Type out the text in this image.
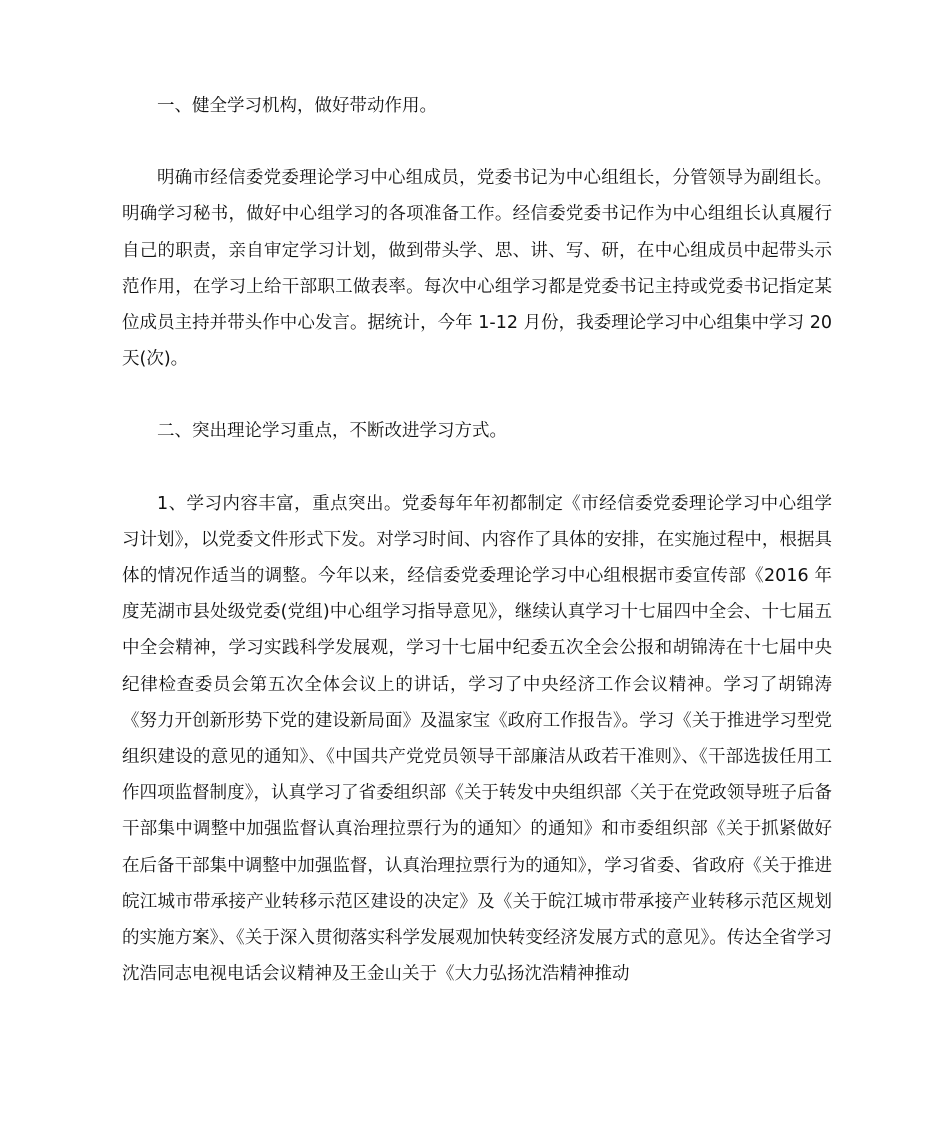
一、健全学习机构，做好带动作用。

明确市经信委党委理论学习中心组成员，党委书记为中心组组长，分管领导为副组长。明确学习秘书，做好中心组学习的各项准备工作。经信委党委书记作为中心组组长认真履行自己的职责，亲自审定学习计划，做到带头学、思、讲、写、研，在中心组成员中起带头示范作用，在学习上给干部职工做表率。每次中心组学习都是党委书记主持或党委书记指定某位成员主持并带头作中心发言。据统计，今年 1-12 月份，我委理论学习中心组集中学习 20 天(次)。

二、突出理论学习重点，不断改进学习方式。

1、学习内容丰富，重点突出。党委每年年初都制定《市经信委党委理论学习中心组学习计划》，以党委文件形式下发。对学习时间、内容作了具体的安排，在实施过程中，根据具体的情况作适当的调整。今年以来，经信委党委理论学习中心组根据市委宣传部《2016 年度芜湖市县处级党委(党组)中心组学习指导意见》，继续认真学习十七届四中全会、十七届五中全会精神，学习实践科学发展观，学习十七届中纪委五次全会公报和胡锦涛在十七届中央纪律检查委员会第五次全体会议上的讲话，学习了中央经济工作会议精神。学习了胡锦涛《努力开创新形势下党的建设新局面》及温家宝《政府工作报告》。学习《关于推进学习型党组织建设的意见的通知》、《中国共产党党员领导干部廉洁从政若干准则》、《干部选拔任用工作四项监督制度》，认真学习了省委组织部《关于转发中央组织部〈关于在党政领导班子后备干部集中调整中加强监督认真治理拉票行为的通知〉的通知》和市委组织部《关于抓紧做好在后备干部集中调整中加强监督，认真治理拉票行为的通知》，学习省委、省政府《关于推进皖江城市带承接产业转移示范区建设的决定》及《关于皖江城市带承接产业转移示范区规划的实施方案》、《关于深入贯彻落实科学发展观加快转变经济发展方式的意见》。传达全省学习沈浩同志电视电话会议精神及王金山关于《大力弘扬沈浩精神推动
